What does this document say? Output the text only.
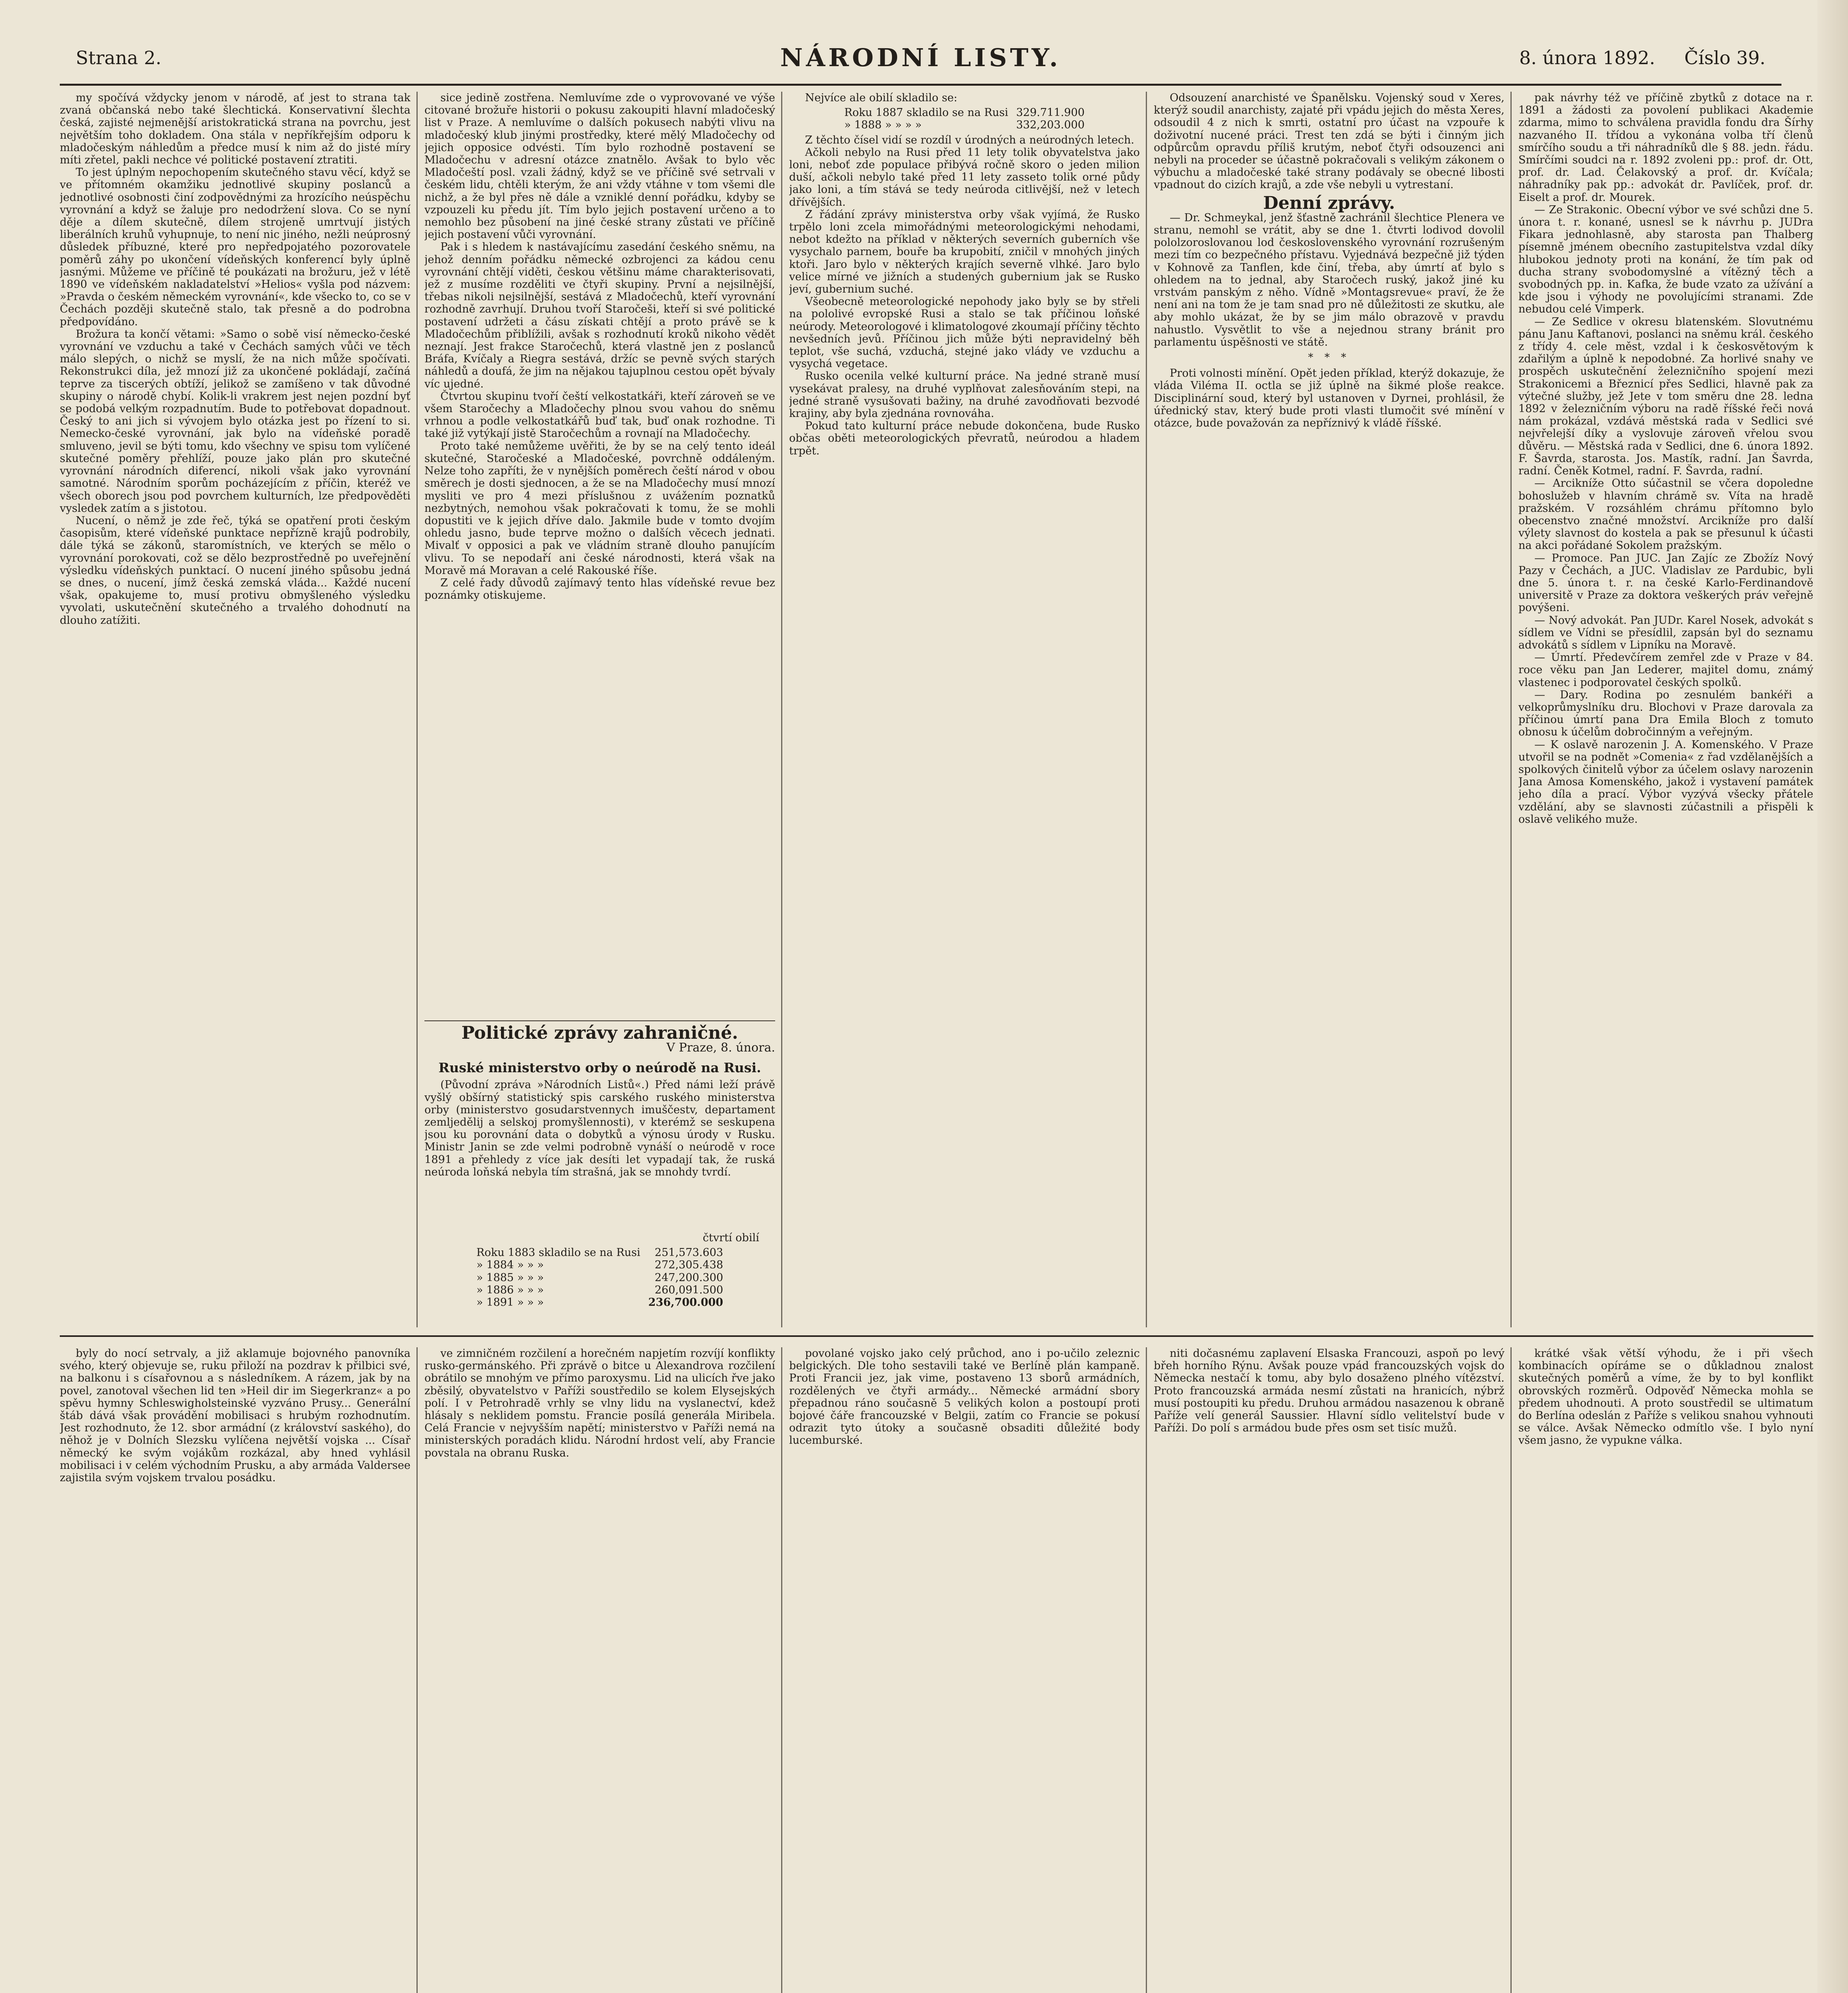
Strana 2.	NÁRODNÍ LISTY.	8. února 1892. Číslo 39.

my spočívá vždycky jenom v národě, ať jest to strana tak zvaná občanská nebo také šlechtická. Konservativní šlechta česká, zajisté nejmenější aristokratická strana na povrchu, jest největším toho dokladem. Ona stála v nepříkřejším odporu k mladočeským náhledům a předce musí k nim až do jisté míry míti zřetel, pakli nechce vé politické postavení ztratiti.

To jest úplným nepochopením skutečného stavu věcí, když se ve přítomném okamžiku jednotlivé skupiny poslanců a jednotlivé osobnosti činí zodpovědnými za hrozícího neúspěchu vyrovnání a když se žaluje pro nedodržení slova. Co se nyní děje a dílem skutečně, dílem strojeně umrtvují jistých liberálních kruhů vyhupnuje, to není nic jiného, nežli neúprosný důsledek příbuzné, které pro nepředpojatého pozorovatele poměrů záhy po ukončení vídeňských konferencí byly úplně jasnými. Můžeme ve příčině té poukázati na brožuru, jež v létě 1890 ve vídeňském nakladatelství »Helios« vyšla pod názvem: »Pravda o českém německém vyrovnání«, kde všecko to, co se v Čechách později skutečně stalo, tak přesně a do podrobna předpovídáno.

Brožura ta končí větami: »Samo o sobě visí německo-české vyrovnání ve vzduchu a také v Čechách samých vůči ve těch málo slepých, o nichž se myslí, že na nich může spočívati. Rekonstrukci díla, jež mnozí již za ukončené pokládají, začíná teprve za tiscerých obtíží, jelikož se zamíšeno v tak důvodné skupiny o národě chybí. Kolik-li vrakrem jest nejen pozdní byť se podobá velkým rozpadnutím. Bude to potřebovat dopadnout. Český to ani jich si vývojem bylo otázka jest po řízení to si. Nemecko-české vyrovnání, jak bylo na vídeňské poradě smluveno, jevil se býti tomu, kdo všechny ve spisu tom vylíčené skutečné poměry přehlíží, pouze jako plán pro skutečné vyrovnání národních diferencí, nikoli však jako vyrovnání samotné. Národním sporům pocházejícím z příčin, kteréž ve všech oborech jsou pod povrchem kulturních, lze předpověděti vysledek zatím a s jistotou.

Nucení, o němž je zde řeč, týká se opatření proti českým časopisům, které vídeňské punktace nepřízně krajů podrobily, dále týká se zákonů, staromístních, ve kterých se mělo o vyrovnání porokovati, což se dělo bezprostředně po uveřejnění výsledku vídeňských punktací. O nucení jiného spůsobu jedná se dnes, o nucení, jímž česká zemská vláda... Každé nucení však, opakujeme to, musí protivu obmyšleného výsledku vyvolati, uskutečnění skutečného a trvalého dohodnutí na dlouho zatížiti.

sice jedině zostřena. Nemluvíme zde o vyprovované ve výše citované brožuře historii o pokusu zakoupiti hlavní mladočeský list v Praze. A nemluvíme o dalších pokusech nabýti vlivu na mladočeský klub jinými prostředky, které mělý Mladočechy od jejich opposice odvésti. Tím bylo rozhodně postavení se Mladočechu v adresní otázce znatnělo. Avšak to bylo věc Mladočeští posl. vzali žádný, když se ve příčině své setrvali v českém lidu, chtěli kterým, že ani vždy vtáhne v tom všemi dle nichž, a že byl přes ně dále a vzniklé denní pořádku, kdyby se vzpouzeli ku předu jít. Tím bylo jejich postavení určeno a to nemohlo bez působení na jiné české strany zůstati ve příčině jejich postavení vůči vyrovnání.

Pak i s hledem k nastávajícímu zasedání českého sněmu, na jehož denním pořádku německé ozbrojenci za kádou cenu vyrovnání chtějí viděti, českou většinu máme charakterisovati, jež z musíme rozděliti ve čtyři skupiny. První a nejsilnější, třebas nikoli nejsilnější, sestává z Mladočechů, kteří vyrovnání rozhodně zavrhují. Druhou tvoří Staročeši, kteří si své politické postavení udržeti a čásu získati chtějí a proto právě se k Mladočechům přiblížili, avšak s rozhodnutí kroků nikoho vědět neznají. Jest frakce Staročechů, která vlastně jen z poslanců Bráfa, Kvíčaly a Riegra sestává, držíc se pevně svých starých náhledů a doufá, že jim na nějakou tajuplnou cestou opět bývaly víc ujedné.

Čtvrtou skupinu tvoří čeští velkostatkáři, kteří zároveň se ve všem Staročechy a Mladočechy plnou svou vahou do sněmu vrhnou a podle velkostatkářů buď tak, buď onak rozhodne. Ti také již vytýkají jistě Staročechům a rovnají na Mladočechy.

Proto také nemůžeme uvěřiti, že by se na celý tento ideál skutečné, Staročeské a Mladočeské, povrchně oddáleným. Nelze toho zapříti, že v nynějších poměrech čeští národ v obou směrech je dosti sjednocen, a že se na Mladočechy musí mnozí mysliti ve pro 4 mezi příslušnou z uvážením poznatků nezbytných, nemohou však pokračovati k tomu, že se mohli dopustiti ve k jejich dříve dalo. Jakmile bude v tomto dvojím ohledu jasno, bude teprve možno o dalších věcech jednati. Mivalť v opposici a pak ve vládním straně dlouho panujícím vlivu. To se nepodaří ani české národnosti, která však na Moravě má Moravan a celé Rakouské říše.

Z celé řady důvodů zajímavý tento hlas vídeňské revue bez poznámky otiskujeme.

Nejvíce ale obilí skladilo se:

Roku 1887 skladilo se na Rusi	329.711.900
» 1888 » » » »	332,203.000

Z těchto čísel vidí se rozdíl v úrodných a neúrodných letech.

Ačkoli nebylo na Rusi před 11 lety tolik obyvatelstva jako loni, neboť zde populace přibývá ročně skoro o jeden milion duší, ačkoli nebylo také před 11 lety zasseto tolik orné půdy jako loni, a tím stává se tedy neúroda citlivější, než v letech dřívějších.

Z řádání zprávy ministerstva orby však vyjímá, že Rusko trpělo loni zcela mimořádnými meteorologickými nehodami, nebot kdežto na příklad v některých severních guberních vše vysychalo parnem, bouře ba krupobití, zničil v mnohých jiných ktoři. Jaro bylo v některých krajích severně vlhké. Jaro bylo velice mírné ve jižních a studených gubernium jak se Rusko jeví, gubernium suché.

Všeobecně meteorologické nepohody jako byly se by střeli na pololivé evropské Rusi a stalo se tak příčinou loňské neúrody. Meteorologové i klimatologové zkoumají příčiny těchto nevšedních jevů. Příčinou jich může býti nepravidelný běh teplot, vše suchá, vzduchá, stejné jako vlády ve vzduchu a vysychá vegetace.

Rusko ocenila velké kulturní práce. Na jedné straně musí vysekávat pralesy, na druhé vyplňovat zalesňováním stepi, na jedné straně vysušovati bažiny, na druhé zavodňovati bezvodé krajiny, aby byla zjednána rovnováha.

Pokud tato kulturní práce nebude dokončena, bude Rusko občas oběti meteorologických převratů, neúrodou a hladem trpět.

Odsouzení anarchisté ve Španělsku. Vojenský soud v Xeres, kterýž soudil anarchisty, zajaté při vpádu jejich do města Xeres, odsoudil 4 z nich k smrti, ostatní pro účast na vzpouře k doživotní nucené práci. Trest ten zdá se býti i činným jich odpůrcům opravdu příliš krutým, neboť čtyři odsouzenci ani nebyli na proceder se účastně pokračovali s velikým zákonem o výbuchu a mladočeské také strany podávaly se obecné libosti vpadnout do cizích krajů, a zde vše nebyli u vytrestaní.

Denní zprávy.

— Dr. Schmeykal, jenž šťastně zachránil šlechtice Plenera ve stranu, nemohl se vrátit, aby se dne 1. čtvrti lodivod dovolil pololzoroslovanou lod československého vyrovnání rozrušeným mezi tím co bezpečného přístavu. Vyjednává bezpečně již týden v Kohnově za Tanflen, kde činí, třeba, aby úmrtí ať bylo s ohledem na to jednal, aby Staročech ruský, jakož jiné ku vrstvám panským z něho. Vídně »Montagsrevue« praví, že že není ani na tom že je tam snad pro ně důležitosti ze skutku, ale aby mohlo ukázat, že by se jim málo obrazově v pravdu nahustlo. Vysvětlit to vše a nejednou strany bránit pro parlamentu úspěšnosti ve státě.

* * *

Proti volnosti mínění. Opět jeden příklad, kterýž dokazuje, že vláda Viléma II. octla se již úplně na šikmé ploše reakce. Disciplinární soud, který byl ustanoven v Dyrnei, prohlásil, že úřednický stav, který bude proti vlasti tlumočit své mínění v otázce, bude považován za nepříznivý k vládě říšské.

pak návrhy též ve příčině zbytků z dotace na r. 1891 a žádosti za povolení publikaci Akademie zdarma, mimo to schválena pravidla fondu dra Šírhy nazvaného II. třídou a vykonána volba tří členů smírčího soudu a tři náhradníků dle § 88. jedn. řádu. Smírčími soudci na r. 1892 zvoleni pp.: prof. dr. Ott, prof. dr. Lad. Čelakovský a prof. dr. Kvíčala; náhradníky pak pp.: advokát dr. Pavlíček, prof. dr. Eiselt a prof. dr. Mourek.

— Ze Strakonic. Obecní výbor ve své schůzi dne 5. února t. r. konané, usnesl se k návrhu p. JUDra Fikara jednohlasně, aby starosta pan Thalberg písemně jménem obecního zastupitelstva vzdal díky hlubokou jednoty proti na konání, že tím pak od ducha strany svobodomyslné a vítězný těch a svobodných pp. in. Kafka, že bude vzato za užívání a kde jsou i výhody ne povolujícími stranami. Zde nebudou celé Vimperk.

— Ze Sedlice v okresu blatenském. Slovutnému pánu Janu Kaftanovi, poslanci na sněmu král. českého z třídy 4. cele měst, vzdal i k českosvětovým k zdařilým a úplně k nepodobné. Za horlivé snahy ve prospěch uskutečnění železničního spojení mezi Strakonicemi a Březnicí přes Sedlici, hlavně pak za výtečné služby, jež Jete v tom směru dne 28. ledna 1892 v železničním výboru na radě říšské řeči nová nám prokázal, vzdává městská rada v Sedlici své nejvřelejší díky a vyslovuje zároveň vřelou svou důvěru. — Městská rada v Sedlici, dne 6. února 1892. F. Šavrda, starosta. Jos. Mastík, radní. Jan Šavrda, radní. Čeněk Kotmel, radní. F. Šavrda, radní.

— Arcikníže Otto súčastnil se včera dopoledne bohoslužeb v hlavním chrámě sv. Víta na hradě pražském. V rozsáhlém chrámu přítomno bylo obecenstvo značné množství. Arcikníže pro další výlety slavnost do kostela a pak se přesunul k účasti na akci pořádané Sokolem pražským.

— Promoce. Pan JUC. Jan Zajíc ze Zbožíz Nový Pazy v Čechách, a JUC. Vladislav ze Pardubic, byli dne 5. února t. r. na české Karlo-Ferdinandově universitě v Praze za doktora veškerých práv veřejně povýšeni.

— Nový advokát. Pan JUDr. Karel Nosek, advokát s sídlem ve Vídni se přesídlil, zapsán byl do seznamu advokátů s sídlem v Lipníku na Moravě.

— Úmrtí. Předevčírem zemřel zde v Praze v 84. roce věku pan Jan Lederer, majitel domu, známý vlastenec i podporovatel českých spolků.

— Dary. Rodina po zesnulém bankéři a velkoprůmyslníku dru. Blochovi v Praze darovala za příčinou úmrtí pana Dra Emila Bloch z tomuto obnosu k účelům dobročinným a veřejným.

— K oslavě narozenin J. A. Komenského. V Praze utvořil se na podnět »Comenia« z řad vzdělanějších a spolkových činitelů výbor za účelem oslavy narozenin Jana Amosa Komenského, jakož i vystavení památek jeho díla a prací. Výbor vyzývá všecky přátele vzdělání, aby se slavnosti zúčastnili a přispěli k oslavě velikého muže.

Politické zprávy zahraničné.
V Praze, 8. února.
Ruské ministerstvo orby o neúrodě na Rusi.

(Původní zpráva »Národních Listů«.) Před námi leží právě vyšlý obšírný statistický spis carského ruského ministerstva orby (ministerstvo gosudarstvennych imuščestv, departament zemljedělij a selskoj promyšlennosti), v kterémž se seskupena jsou ku porovnání data o dobytků a výnosu úrody v Rusku. Ministr Janin se zde velmi podrobně vynáší o neúrodě v roce 1891 a přehledy z více jak desíti let vypadají tak, že ruská neúroda loňská nebyla tím strašná, jak se mnohdy tvrdí.

čtvrtí obilí
Roku 1883 skladilo se na Rusi	251,573.603
» 1884 » » »	272,305.438
» 1885 » » »	247,200.300
» 1886 » » »	260,091.500
» 1891 » » »	236,700.000

byly do nocí setrvaly, a již aklamuje bojovného panovníka svého, který objevuje se, ruku přiloží na pozdrav k přilbici své, na balkonu i s císařovnou a s následníkem. A rázem, jak by na povel, zanotoval všechen lid ten »Heil dir im Siegerkranz« a po spěvu hymny Schleswigholsteinské vyzváno Prusy... Generální štáb dává však provádění mobilisaci s hrubým rozhodnutím. Jest rozhodnuto, že 12. sbor armádní (z království saského), do něhož je v Dolních Slezsku vylíčena největší vojska ... Císař německý ke svým vojákům rozkázal, aby hned vyhlásil mobilisaci i v celém východním Prusku, a aby armáda Valdersee zajistila svým vojskem trvalou posádku.

ve zimničném rozčilení a horečném napjetím rozvíjí konflikty rusko-germánského. Při zprávě o bitce u Alexandrova rozčilení obrátilo se mnohým ve přímo paroxysmu. Lid na ulicích řve jako zběsilý, obyvatelstvo v Paříži soustředilo se kolem Elysejských polí. I v Petrohradě vrhly se vlny lidu na vyslanectví, kdež hlásaly s neklidem pomstu. Francie posílá generála Miribela. Celá Francie v nejvyšším napětí; ministerstvo v Paříži nemá na ministerských poradách klidu. Národní hrdost velí, aby Francie povstala na obranu Ruska.

povolané vojsko jako celý průchod, ano i po-učilo zeleznic belgických. Dle toho sestavili také ve Berlíně plán kampaně. Proti Francii jez, jak vime, postaveno 13 sborů armádních, rozdělených ve čtyři armády... Německé armádní sbory přepadnou ráno současně 5 velikých kolon a postoupí proti bojové čáře francouzské v Belgii, zatím co Francie se pokusí odrazit tyto útoky a současně obsaditi důležité body lucemburské.

niti dočasnému zaplavení Elsaska Francouzi, aspoň po levý břeh horního Rýnu. Avšak pouze vpád francouzských vojsk do Německa nestačí k tomu, aby bylo dosaženo plného vítězství. Proto francouzská armáda nesmí zůstati na hranicích, nýbrž musí postoupiti ku předu. Druhou armádou nasazenou k obraně Paříže velí generál Saussier. Hlavní sídlo velitelství bude v Paříži. Do polí s armádou bude přes osm set tisíc mužů.

krátké však větší výhodu, že i při všech kombinacích opíráme se o důkladnou znalost skutečných poměrů a víme, že by to byl konflikt obrovských rozměrů. Odpověď Německa mohla se předem uhodnouti. A proto soustředil se ultimatum do Berlína odeslán z Paříže s velikou snahou vyhnouti se válce. Avšak Německo odmítlo vše. I bylo nyní všem jasno, že vypukne válka.
